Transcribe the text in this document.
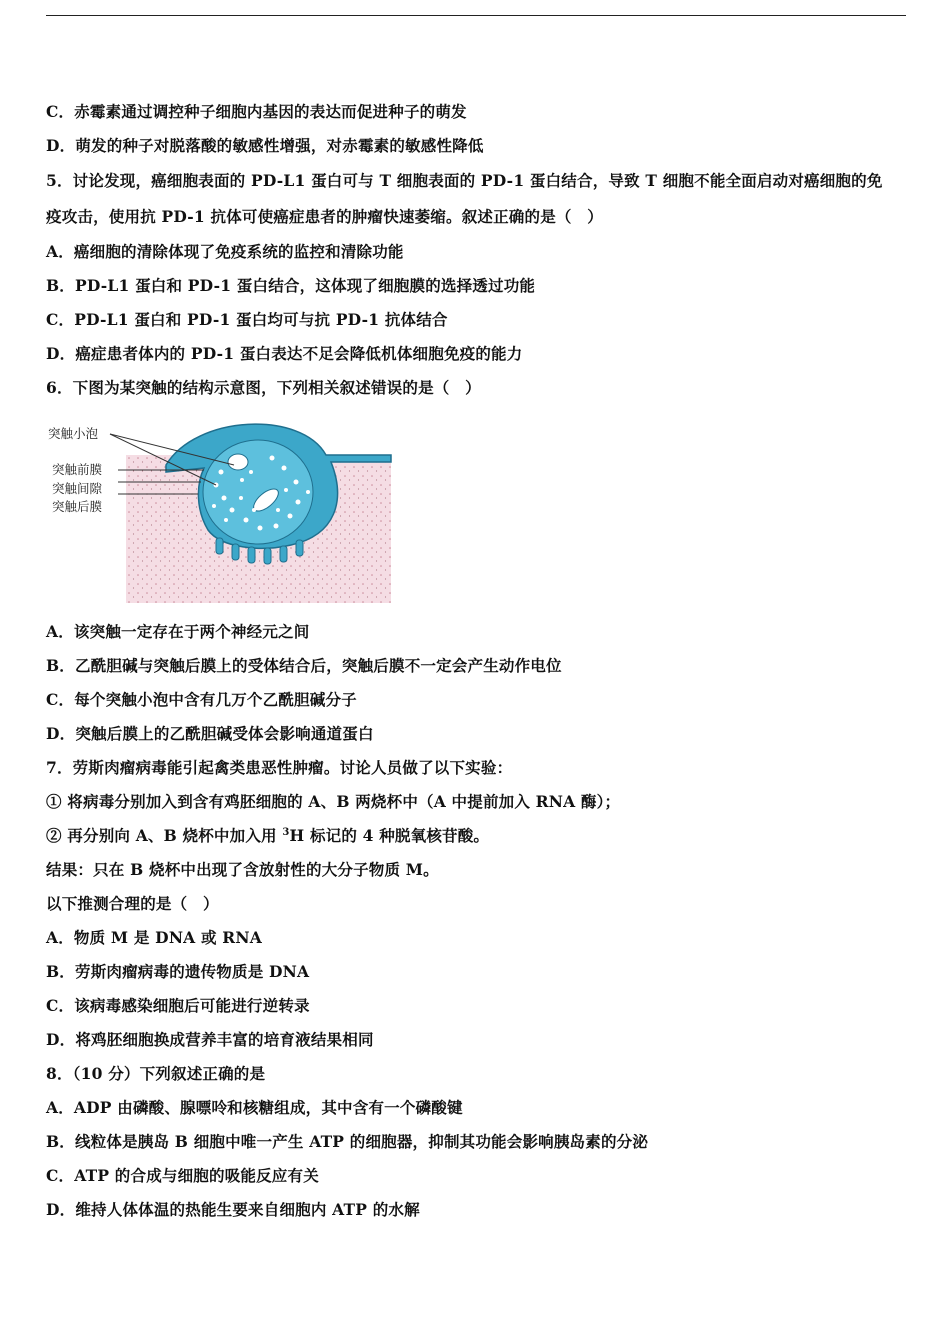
C．赤霉素通过调控种子细胞内基因的表达而促进种子的萌发
D．萌发的种子对脱落酸的敏感性增强，对赤霉素的敏感性降低
5．讨论发现，癌细胞表面的 PD-L1 蛋白可与 T 细胞表面的 PD-1 蛋白结合，导致 T 细胞不能全面启动对癌细胞的免
疫攻击，使用抗 PD-1 抗体可使癌症患者的肿瘤快速萎缩。叙述正确的是（　）
A．癌细胞的清除体现了免疫系统的监控和清除功能
B．PD-L1 蛋白和 PD-1 蛋白结合，这体现了细胞膜的选择透过功能
C．PD-L1 蛋白和 PD-1 蛋白均可与抗 PD-1 抗体结合
D．癌症患者体内的 PD-1 蛋白表达不足会降低机体细胞免疫的能力
6．下图为某突触的结构示意图，下列相关叙述错误的是（　）
突触小泡
突触前膜
突触间隙
突触后膜
A．该突触一定存在于两个神经元之间
B．乙酰胆碱与突触后膜上的受体结合后，突触后膜不一定会产生动作电位
C．每个突触小泡中含有几万个乙酰胆碱分子
D．突触后膜上的乙酰胆碱受体会影响通道蛋白
7．劳斯肉瘤病毒能引起禽类患恶性肿瘤。讨论人员做了以下实验：
① 将病毒分别加入到含有鸡胚细胞的 A、B 两烧杯中（A 中提前加入 RNA 酶）；
② 再分别向 A、B 烧杯中加入用 $^3$H 标记的 4 种脱氧核苷酸。
结果：只在 B 烧杯中出现了含放射性的大分子物质 M。
以下推测合理的是（　）
A．物质 M 是 DNA 或 RNA
B．劳斯肉瘤病毒的遗传物质是 DNA
C．该病毒感染细胞后可能进行逆转录
D．将鸡胚细胞换成营养丰富的培育液结果相同
8．（10 分）下列叙述正确的是
A．ADP 由磷酸、腺嘌呤和核糖组成，其中含有一个磷酸键
B．线粒体是胰岛 B 细胞中唯一产生 ATP 的细胞器，抑制其功能会影响胰岛素的分泌
C．ATP 的合成与细胞的吸能反应有关
D．维持人体体温的热能生要来自细胞内 ATP 的水解
